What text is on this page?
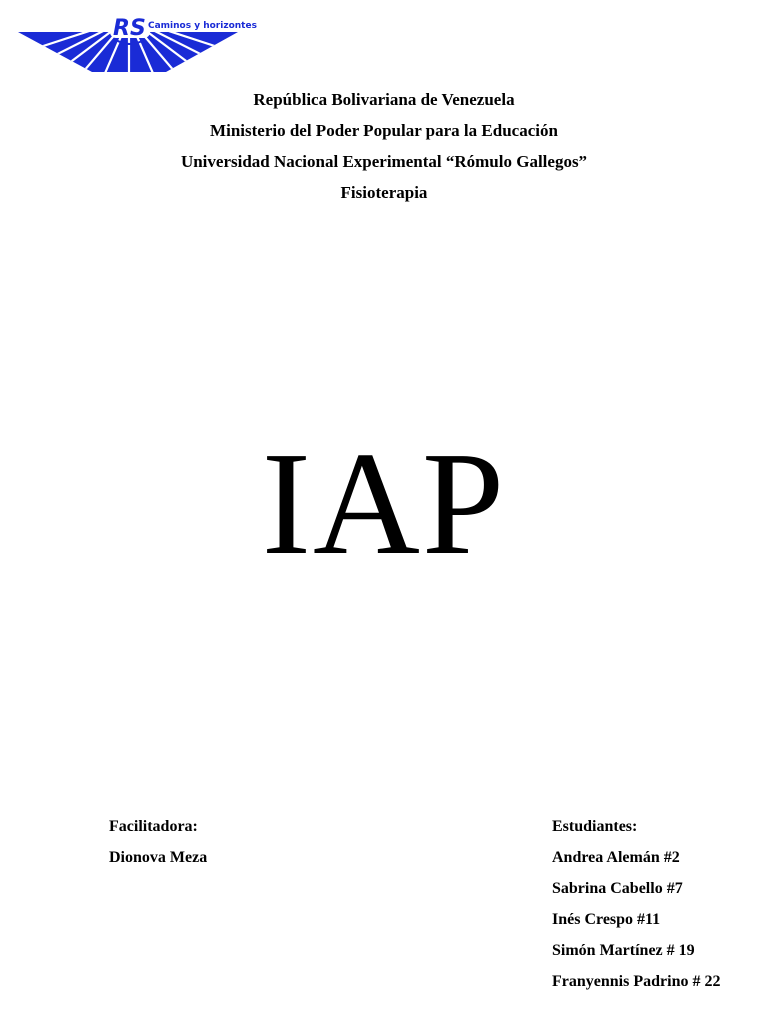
RS Caminos y horizontes
República Bolivariana de Venezuela
Ministerio del Poder Popular para la Educación
Universidad Nacional Experimental “Rómulo Gallegos”
Fisioterapia
IAP
Facilitadora:
Dionova Meza
Estudiantes:
Andrea Alemán #2
Sabrina Cabello #7
Inés Crespo #11
Simón Martínez # 19
Franyennis Padrino # 22
